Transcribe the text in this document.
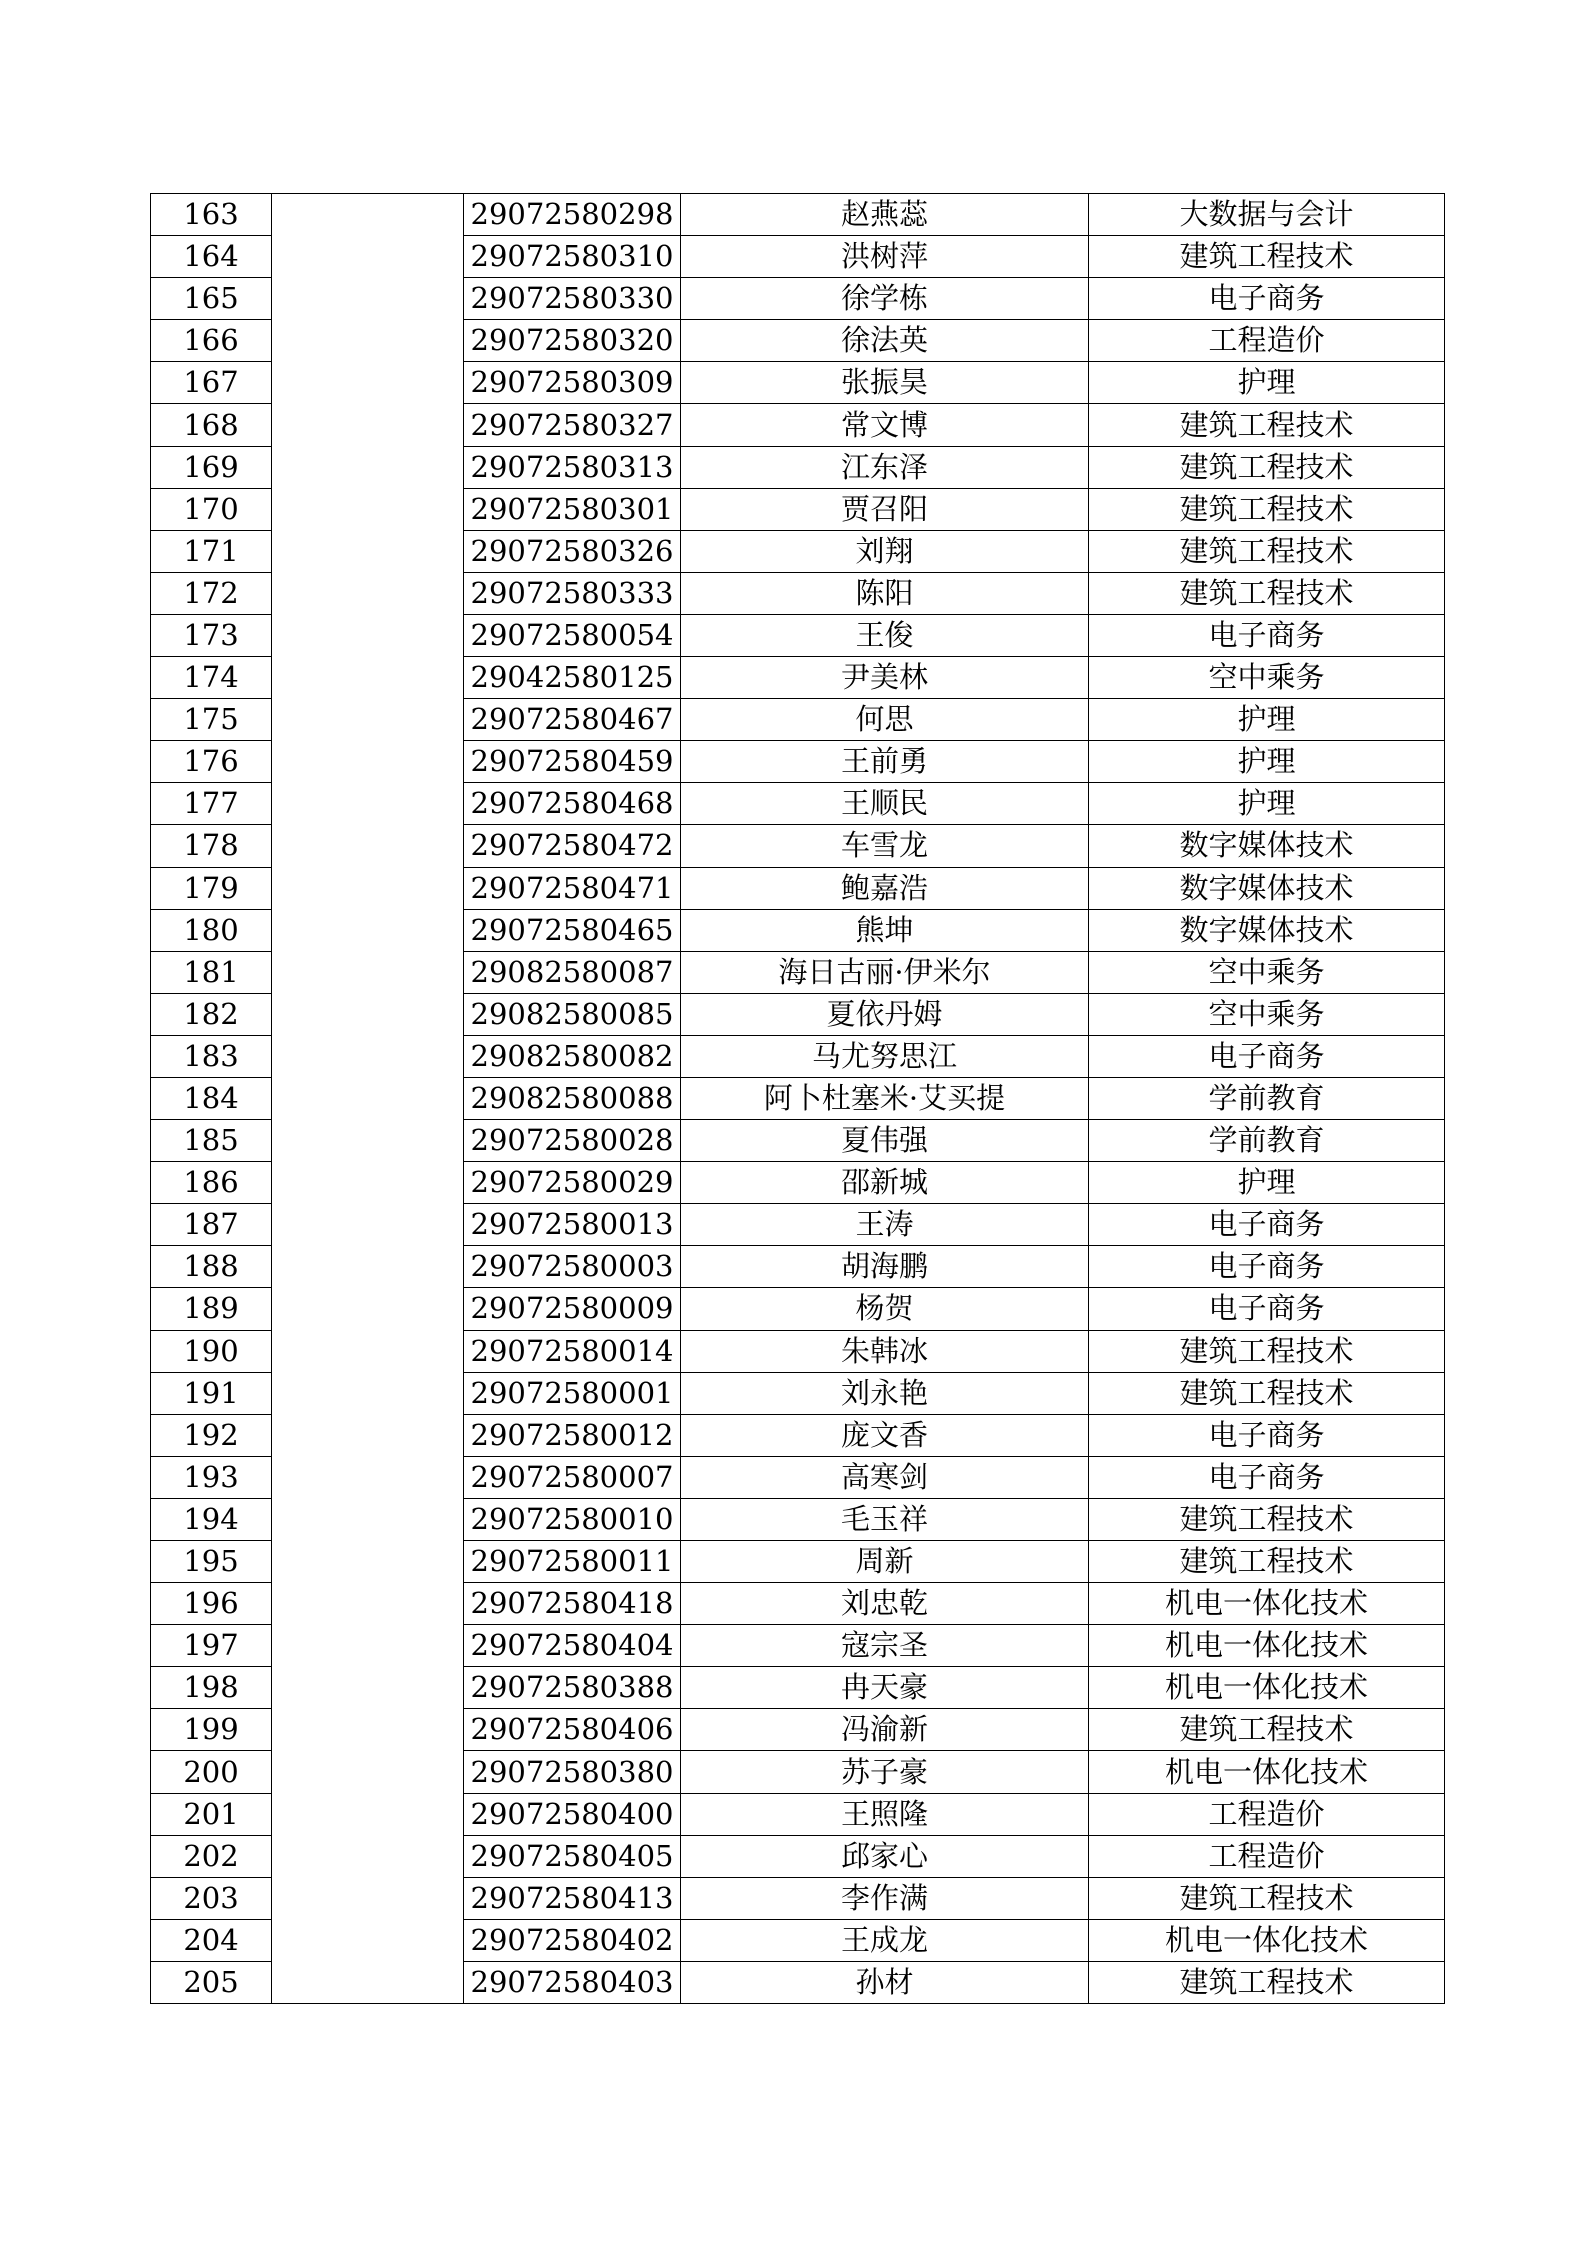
163		29072580298	赵燕蕊	大数据与会计
164		29072580310	洪树萍	建筑工程技术
165		29072580330	徐学栋	电子商务
166		29072580320	徐法英	工程造价
167		29072580309	张振昊	护理
168		29072580327	常文博	建筑工程技术
169		29072580313	江东泽	建筑工程技术
170		29072580301	贾召阳	建筑工程技术
171		29072580326	刘翔	建筑工程技术
172		29072580333	陈阳	建筑工程技术
173		29072580054	王俊	电子商务
174		29042580125	尹美林	空中乘务
175		29072580467	何思	护理
176		29072580459	王前勇	护理
177		29072580468	王顺民	护理
178		29072580472	车雪龙	数字媒体技术
179		29072580471	鲍嘉浩	数字媒体技术
180		29072580465	熊坤	数字媒体技术
181		29082580087	海日古丽·伊米尔	空中乘务
182		29082580085	夏依丹姆	空中乘务
183		29082580082	马尤努思江	电子商务
184		29082580088	阿卜杜塞米·艾买提	学前教育
185		29072580028	夏伟强	学前教育
186		29072580029	邵新城	护理
187		29072580013	王涛	电子商务
188		29072580003	胡海鹏	电子商务
189		29072580009	杨贺	电子商务
190		29072580014	朱韩冰	建筑工程技术
191		29072580001	刘永艳	建筑工程技术
192		29072580012	庞文香	电子商务
193		29072580007	高寒剑	电子商务
194		29072580010	毛玉祥	建筑工程技术
195		29072580011	周新	建筑工程技术
196		29072580418	刘忠乾	机电一体化技术
197		29072580404	寇宗圣	机电一体化技术
198		29072580388	冉天豪	机电一体化技术
199		29072580406	冯渝新	建筑工程技术
200		29072580380	苏子豪	机电一体化技术
201		29072580400	王照隆	工程造价
202		29072580405	邱家心	工程造价
203		29072580413	李作满	建筑工程技术
204		29072580402	王成龙	机电一体化技术
205		29072580403	孙材	建筑工程技术
